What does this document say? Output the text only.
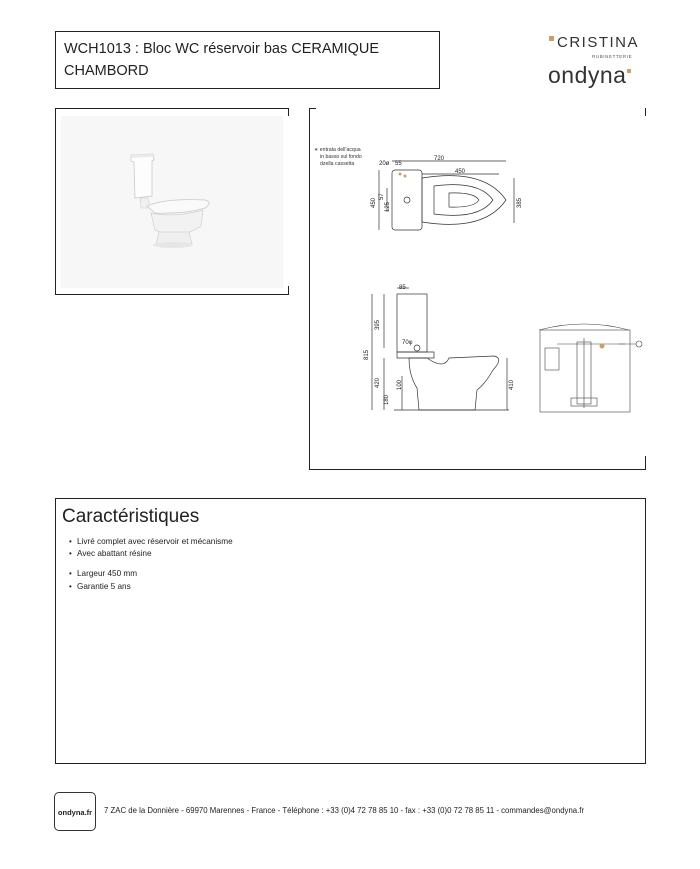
WCH1013 : Bloc WC réservoir bas CERAMIQUE
CHAMBORD
CRISTINA
RUBINETTERIE
ondyna
720
20ø 55
450
450
57
125	385
85
395
70φ
815
420	100
180
410
∗ entrata dell'acqua
in basso sul fondo
dzella cassetta
Caractéristiques
• Livré complet avec réservoir et mécanisme
• Avec abattant résine
• Largeur 450 mm
• Garantie 5 ans
ondyna.fr	7 ZAC de la Donnière - 69970 Marennes - France - Téléphone : +33 (0)4 72 78 85 10 - fax : +33 (0)0 72 78 85 11 - commandes@ondyna.fr
